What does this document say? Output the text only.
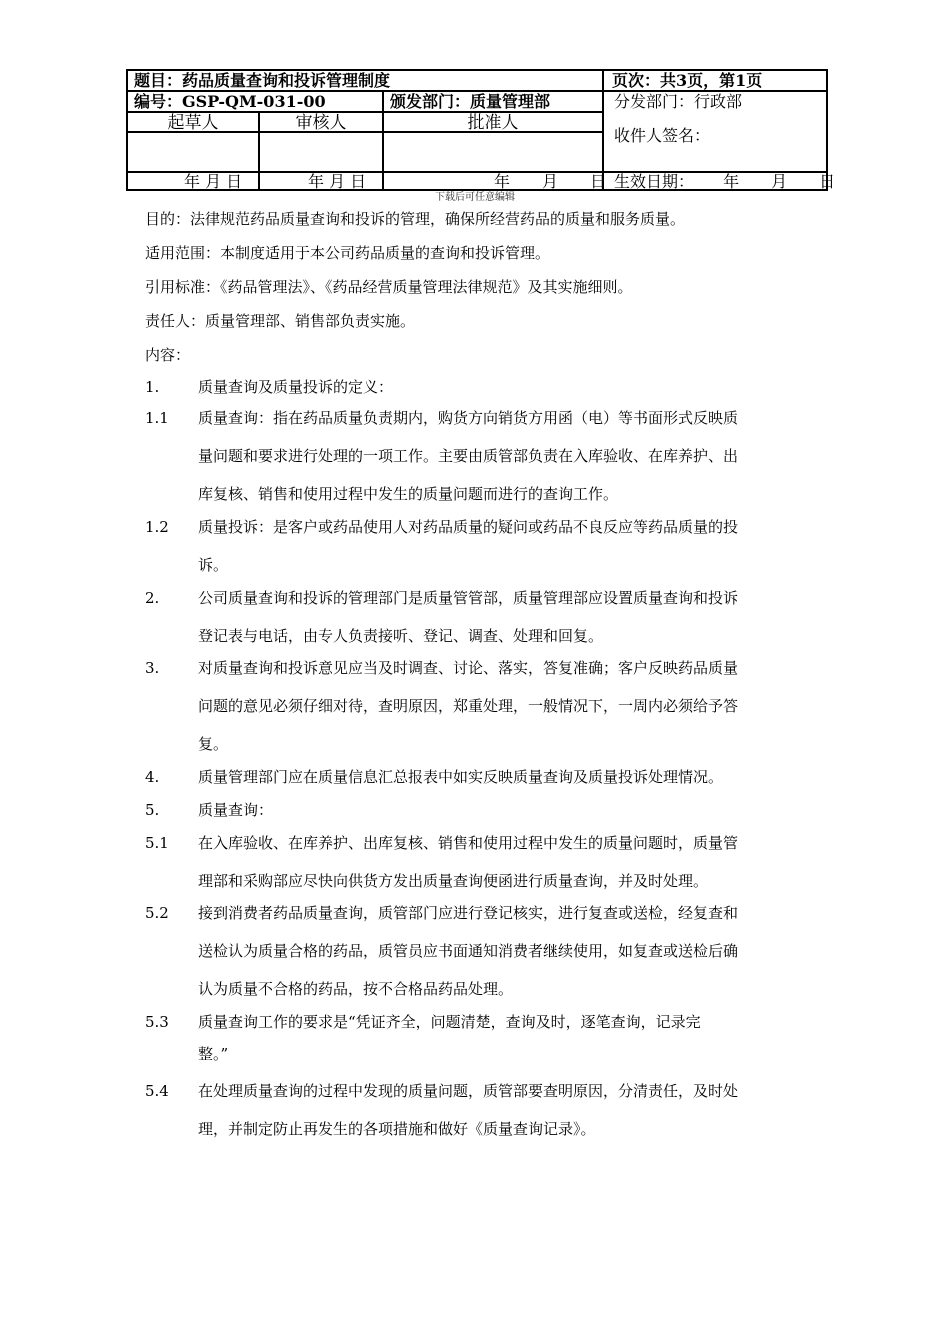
题目：药品质量查询和投诉管理制度	页次：共3页，第1页
编号：GSP-QM-031-00	颁发部门：质量管理部	分发部门：行政部
起草人	审核人	批准人
收件人签名：
年 月 日	年 月 日	年　　月　　日 生效日期：　　 年　　月　　日
下载后可任意编辑
目的：法律规范药品质量查询和投诉的管理，确保所经营药品的质量和服务质量。
适用范围：本制度适用于本公司药品质量的查询和投诉管理。
引用标准：《药品管理法》、《药品经营质量管理法律规范》及其实施细则。
责任人：质量管理部、销售部负责实施。
内容：
1.	质量查询及质量投诉的定义：
1.1	质量查询：指在药品质量负责期内，购货方向销货方用函（电）等书面形式反映质
量问题和要求进行处理的一项工作。主要由质管部负责在入库验收、在库养护、出
库复核、销售和使用过程中发生的质量问题而进行的查询工作。
1.2	质量投诉：是客户或药品使用人对药品质量的疑问或药品不良反应等药品质量的投
诉。
2.	公司质量查询和投诉的管理部门是质量管管部，质量管理部应设置质量查询和投诉
登记表与电话，由专人负责接听、登记、调查、处理和回复。
3.	对质量查询和投诉意见应当及时调查、讨论、落实，答复准确；客户反映药品质量
问题的意见必须仔细对待，查明原因，郑重处理，一般情况下，一周内必须给予答
复。
4.	质量管理部门应在质量信息汇总报表中如实反映质量查询及质量投诉处理情况。
5.	质量查询：
5.1	在入库验收、在库养护、出库复核、销售和使用过程中发生的质量问题时，质量管
理部和采购部应尽快向供货方发出质量查询便函进行质量查询，并及时处理。
5.2	接到消费者药品质量查询，质管部门应进行登记核实，进行复查或送检，经复查和
送检认为质量合格的药品，质管员应书面通知消费者继续使用，如复查或送检后确
认为质量不合格的药品，按不合格品药品处理。
5.3	质量查询工作的要求是“凭证齐全，问题清楚，查询及时，逐笔查询，记录完
整。”
5.4	在处理质量查询的过程中发现的质量问题，质管部要查明原因，分清责任，及时处
理，并制定防止再发生的各项措施和做好《质量查询记录》。
